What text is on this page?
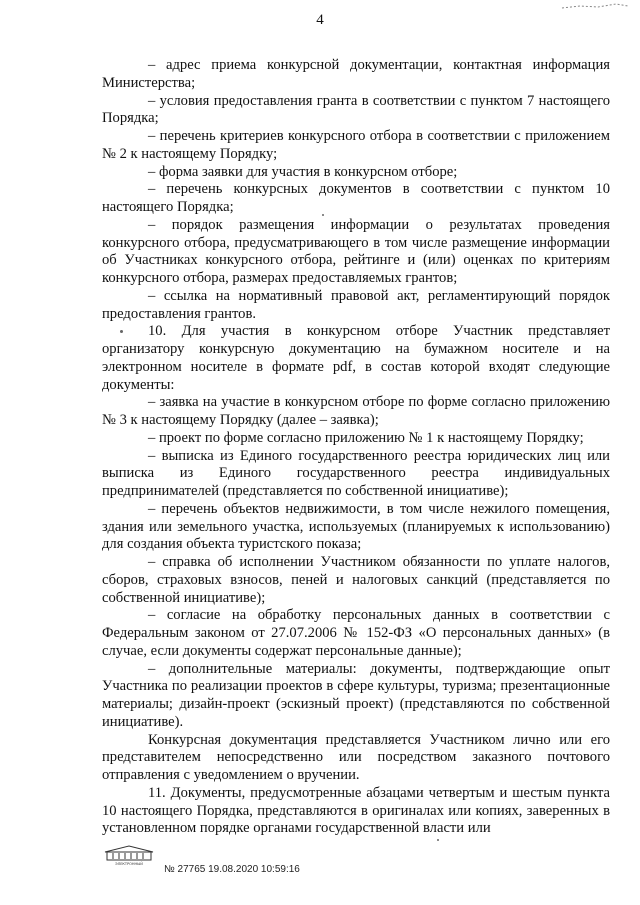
4

– адрес приема конкурсной документации, контактная информация Министерства;

– условия предоставления гранта в соответствии с пунктом 7 настоящего Порядка;

– перечень критериев конкурсного отбора в соответствии с приложением № 2 к настоящему Порядку;

– форма заявки для участия в конкурсном отборе;

– перечень конкурсных документов в соответствии с пунктом 10 настоящего Порядка;

– порядок размещения информации о результатах проведения конкурсного отбора, предусматривающего в том числе размещение информации об Участниках конкурсного отбора, рейтинге и (или) оценках по критериям конкурсного отбора, размерах предоставляемых грантов;

– ссылка на нормативный правовой акт, регламентирующий порядок предоставления грантов.

10. Для участия в конкурсном отборе Участник представляет организатору конкурсную документацию на бумажном носителе и на электронном носителе в формате pdf, в состав которой входят следующие документы:

– заявка на участие в конкурсном отборе по форме согласно приложению № 3 к настоящему Порядку (далее – заявка);

– проект по форме согласно приложению № 1 к настоящему Порядку;

– выписка из Единого государственного реестра юридических лиц или выписка из Единого государственного реестра индивидуальных предпринимателей (представляется по собственной инициативе);

– перечень объектов недвижимости, в том числе нежилого помещения, здания или земельного участка, используемых (планируемых к использованию) для создания объекта туристского показа;

– справка об исполнении Участником обязанности по уплате налогов, сборов, страховых взносов, пеней и налоговых санкций (представляется по собственной инициативе);

– согласие на обработку персональных данных в соответствии с Федеральным законом от 27.07.2006 № 152-ФЗ «О персональных данных» (в случае, если документы содержат персональные данные);

– дополнительные материалы: документы, подтверждающие опыт Участника по реализации проектов в сфере культуры, туризма; презентационные материалы; дизайн-проект (эскизный проект) (представляются по собственной инициативе).

Конкурсная документация представляется Участником лично или его представителем непосредственно или посредством заказного почтового отправления с уведомлением о вручении.

11. Документы, предусмотренные абзацами четвертым и шестым пункта 10 настоящего Порядка, представляются в оригиналах или копиях, заверенных в установленном порядке органами государственной власти или

ЭЛЕКТРОННЫЙ № 27765 19.08.2020 10:59:16
